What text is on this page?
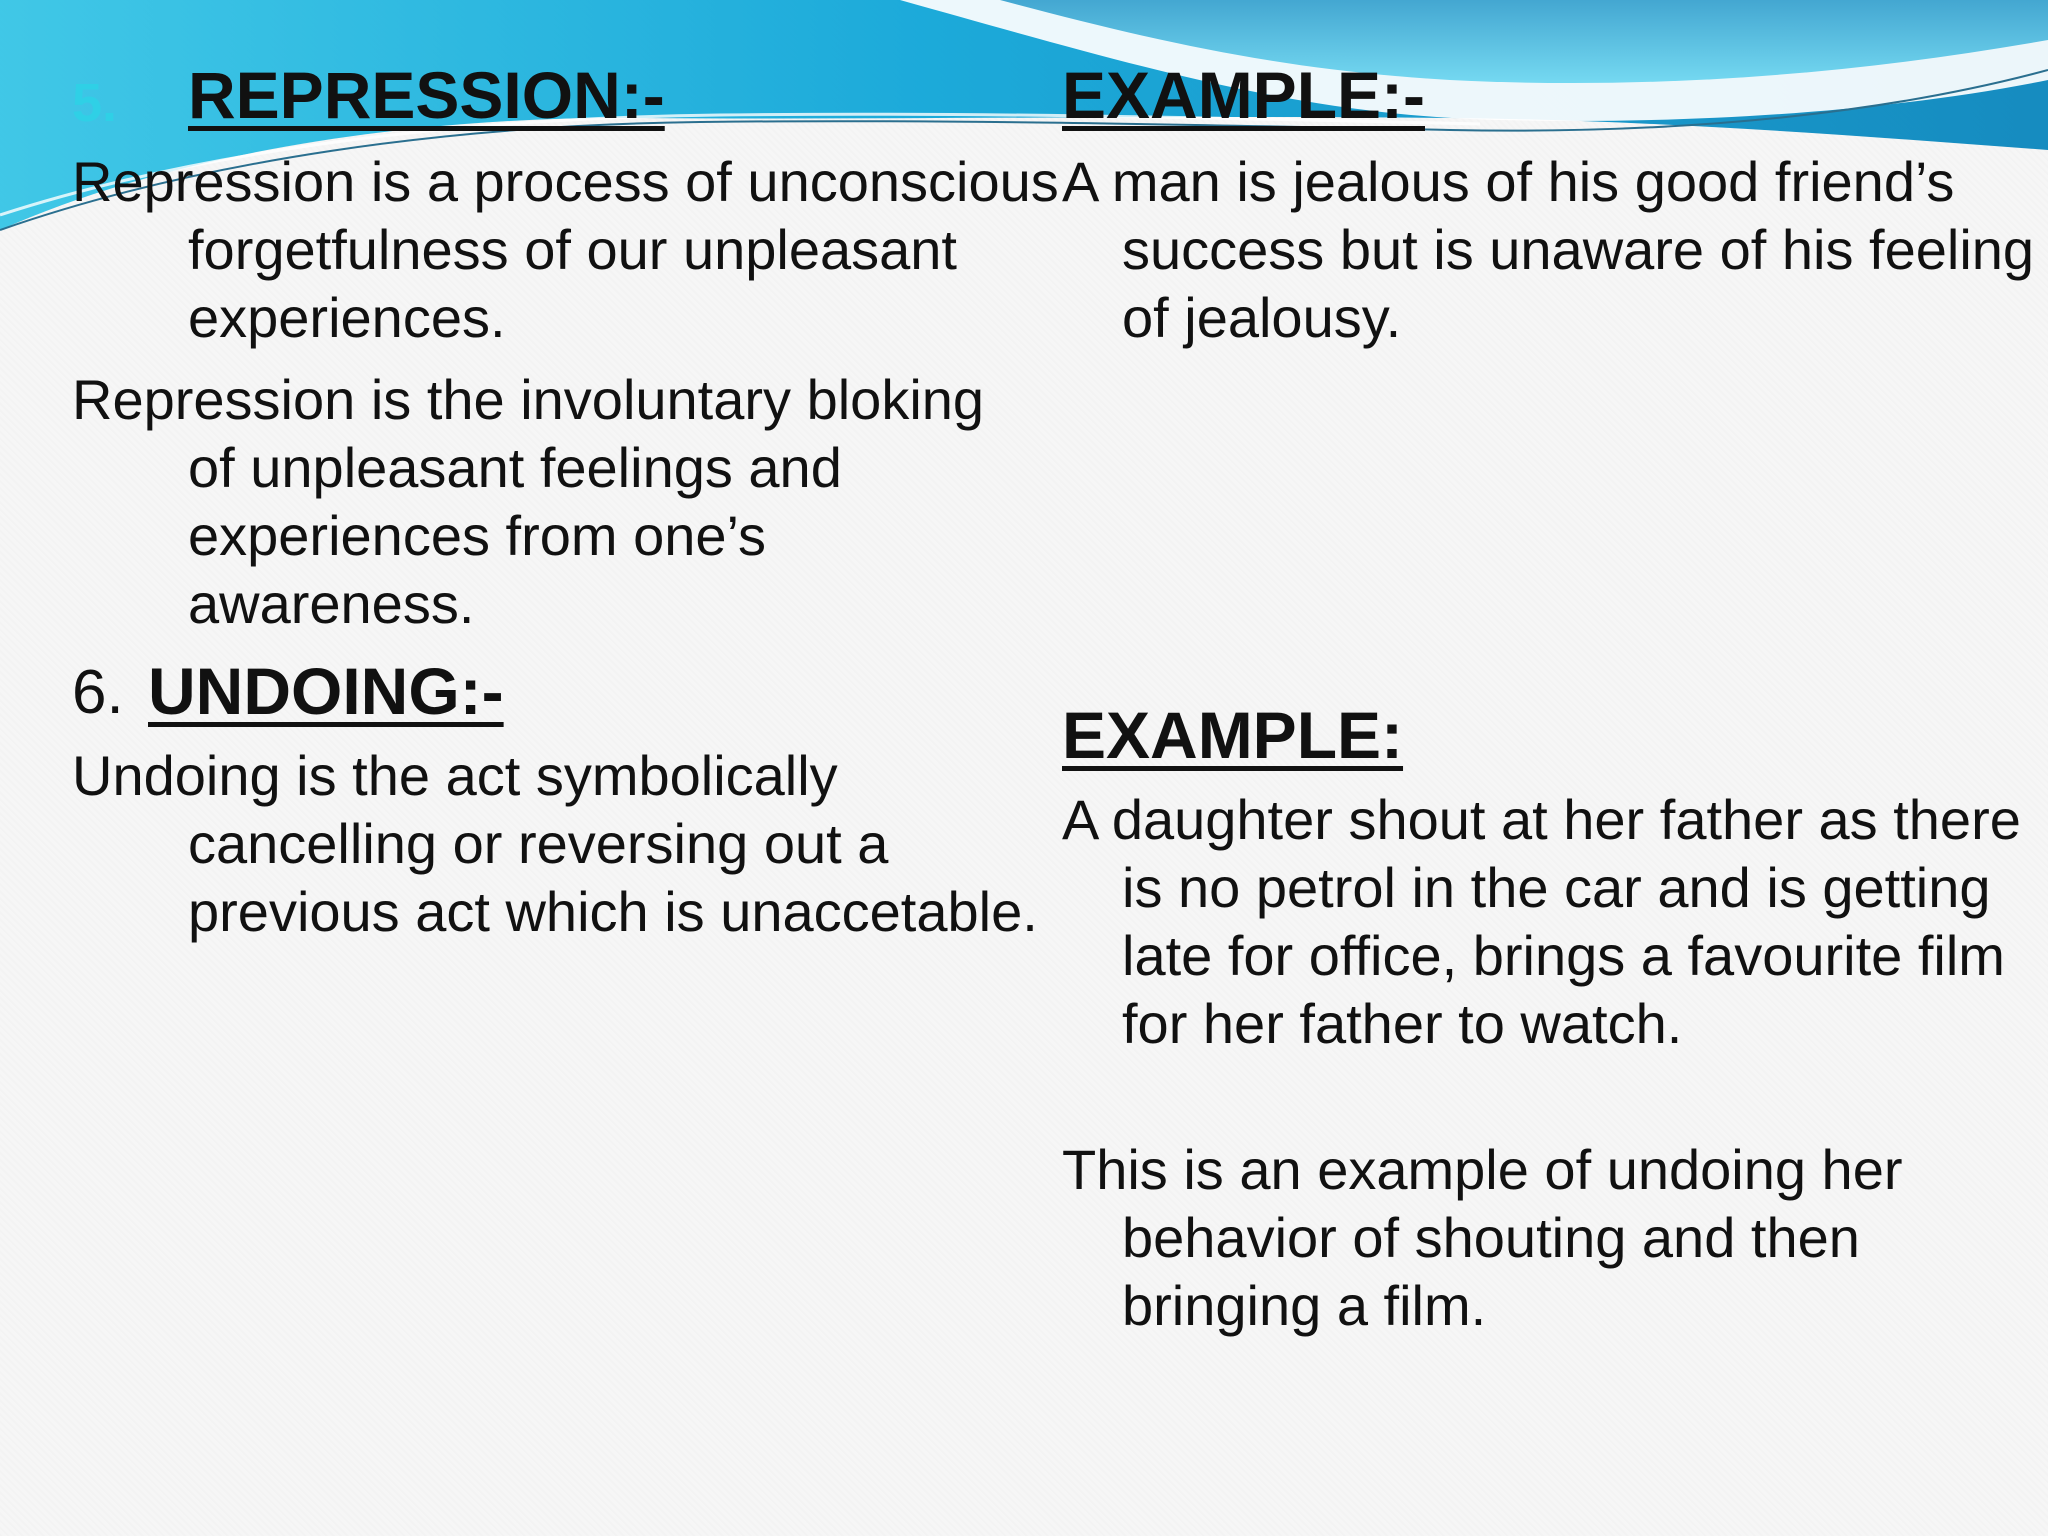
5. REPRESSION:-
Repression is a process of unconscious forgetfulness of our unpleasant experiences.
Repression is the involuntary bloking of unpleasant feelings and experiences from one’s awareness.
6. UNDOING:-
Undoing is the act symbolically cancelling or reversing out a previous act which is unaccetable.
EXAMPLE:-
A man is jealous of his good friend’s success but is unaware of his feeling of jealousy.
EXAMPLE:
A daughter shout at her father as there is no petrol in the car and is getting late for office, brings a favourite film for her father to watch.
This is an example of undoing her behavior of shouting and then bringing a film.
